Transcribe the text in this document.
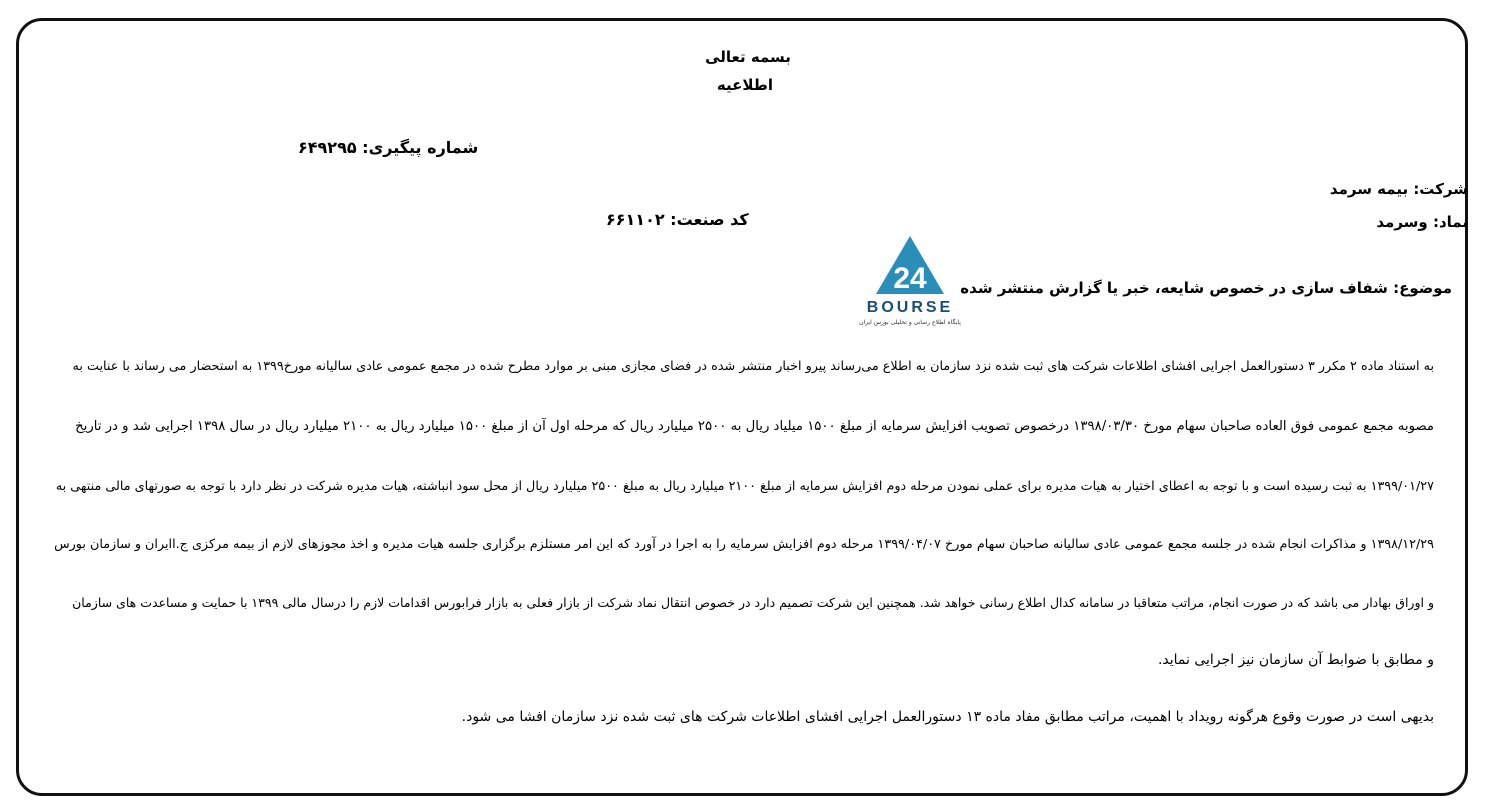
بسمه تعالی
اطلاعیه
شماره پیگیری: ۶۴۹۲۹۵
شرکت: بیمه سرمد
نماد: وسرمد
کد صنعت: ۶۶۱۱۰۲
موضوع: شفاف سازی در خصوص شایعه، خبر یا گزارش منتشر شده
24
BOURSE
پایگاه اطلاع رسانی و تحلیلی بورس ایران
به استناد ماده ۲ مکرر ۳ دستورالعمل اجرایی افشای اطلاعات شرکت های ثبت شده نزد سازمان به اطلاع می‌رساند پیرو اخبار منتشر شده در فضای مجازی مبنی بر موارد مطرح شده در مجمع عمومی عادی سالیانه مورخ۱۳۹۹ به استحضار می رساند با عنایت به
مصوبه مجمع عمومی فوق العاده صاحبان سهام مورخ ۱۳۹۸/۰۳/۳۰ درخصوص تصویب افزایش سرمایه از مبلغ ۱۵۰۰ میلیاد ریال به ۲۵۰۰ میلیارد ریال که مرحله اول آن از مبلغ ۱۵۰۰ میلیارد ریال به ۲۱۰۰ میلیارد ریال در سال ۱۳۹۸ اجرایی شد و در تاریخ
۱۳۹۹/۰۱/۲۷ به ثبت رسیده است و با توجه به اعطای اختیار به هیات مدیره برای عملی نمودن مرحله دوم افزایش سرمایه از مبلغ ۲۱۰۰ میلیارد ریال به مبلغ ۲۵۰۰ میلیارد ریال از محل سود انباشته، هیات مدیره شرکت در نظر دارد با توجه به صورتهای مالی منتهی به
۱۳۹۸/۱۲/۲۹ و مذاکرات انجام شده در جلسه مجمع عمومی عادی سالیانه صاحبان سهام مورخ ۱۳۹۹/۰۴/۰۷ مرحله دوم افزایش سرمایه را به اجرا در آورد که این امر مستلزم برگزاری جلسه هیات مدیره و اخذ مجوزهای لازم از بیمه مرکزی ج.اایران و سازمان بورس
و اوراق بهادار می باشد که در صورت انجام، مراتب متعاقبا در سامانه کدال اطلاع رسانی خواهد شد. همچنین این شرکت تصمیم دارد در خصوص انتقال نماد شرکت از بازار فعلی به بازار فرابورس اقدامات لازم را درسال مالی ۱۳۹۹ با حمایت و مساعدت های سازمان
و مطابق با ضوابط آن سازمان نیز اجرایی نماید.
بدیهی است در صورت وقوع هرگونه رویداد با اهمیت، مراتب مطابق مفاد ماده ۱۳ دستورالعمل اجرایی افشای اطلاعات شرکت های ثبت شده نزد سازمان افشا می شود.
